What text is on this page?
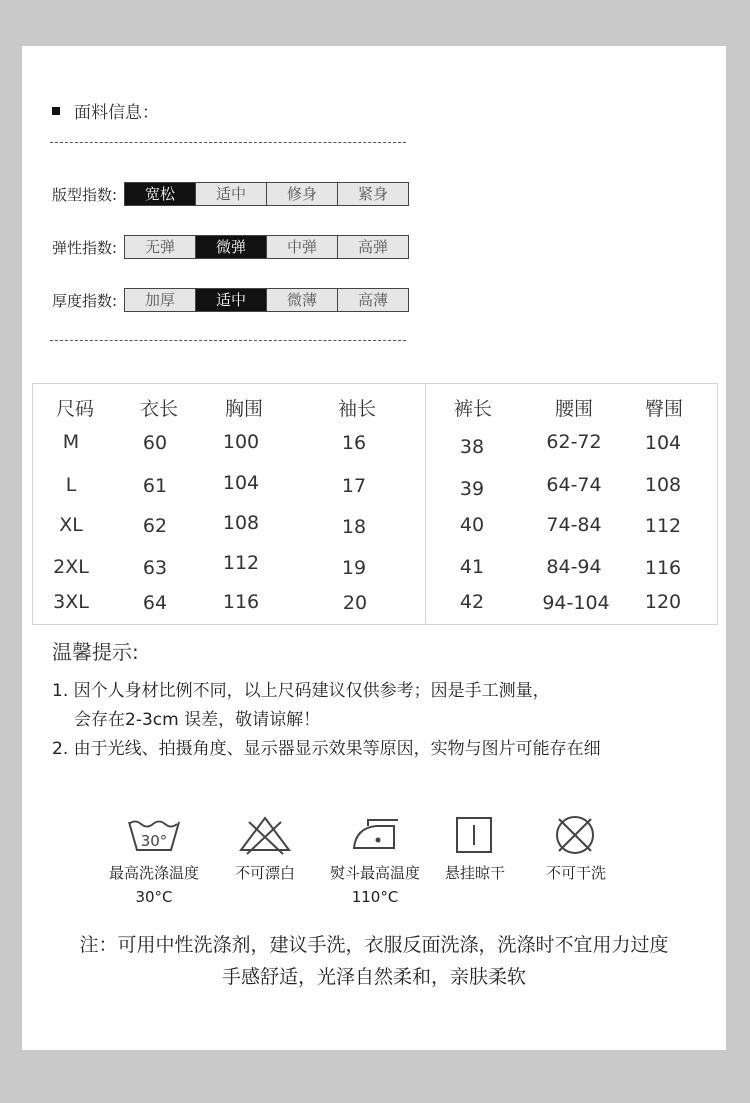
面料信息：
版型指数:	宽松	适中	修身	紧身
弹性指数:	无弹	微弹	中弹	高弹
厚度指数:	加厚	适中	微薄	高薄
尺码	衣长	胸围	袖长	裤长	腰围	臀围
M	60	100	16	38	62-72	104
L	61	104	17	39	64-74	108
XL	62	108	18	40	74-84	112
2XL	63	112	19	41	84-94	116
3XL	64	116	20	42	94-104	120
温馨提示:
1. 因个人身材比例不同，以上尺码建议仅供参考；因是手工测量，
会存在2-3cm 误差，敬请谅解！
2. 由于光线、拍摄角度、显示器显示效果等原因，实物与图片可能存在细
30°
最高洗涤温度
30°C
不可漂白	熨斗最高温度
110°C
悬挂晾干	不可干洗
注：可用中性洗涤剂，建议手洗，衣服反面洗涤，洗涤时不宜用力过度
手感舒适，光泽自然柔和，亲肤柔软
